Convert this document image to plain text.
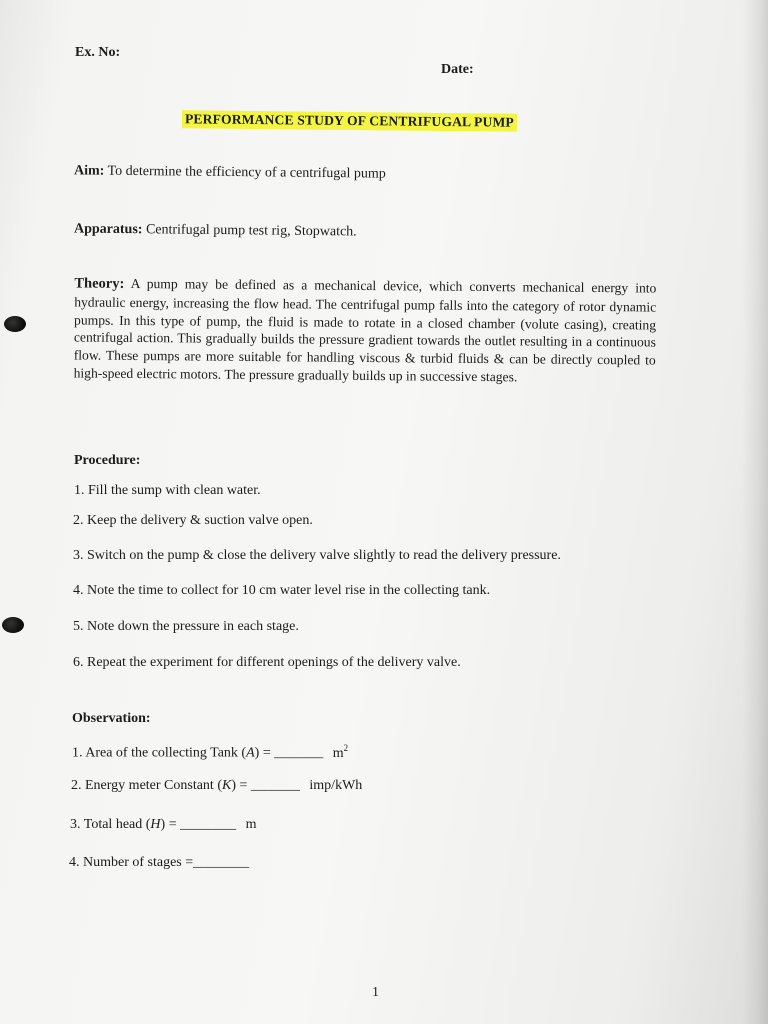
Ex. No:
Date:
PERFORMANCE STUDY OF CENTRIFUGAL PUMP
Aim: To determine the efficiency of a centrifugal pump
Apparatus: Centrifugal pump test rig, Stopwatch.
Theory: A pump may be defined as a mechanical device, which converts mechanical energy into hydraulic energy, increasing the flow head. The centrifugal pump falls into the category of rotor dynamic pumps. In this type of pump, the fluid is made to rotate in a closed chamber (volute casing), creating centrifugal action. This gradually builds the pressure gradient towards the outlet resulting in a continuous flow. These pumps are more suitable for handling viscous & turbid fluids & can be directly coupled to high-speed electric motors. The pressure gradually builds up in successive stages.
Procedure:
1. Fill the sump with clean water.
2. Keep the delivery & suction valve open.
3. Switch on the pump & close the delivery valve slightly to read the delivery pressure.
4. Note the time to collect for 10 cm water level rise in the collecting tank.
5. Note down the pressure in each stage.
6. Repeat the experiment for different openings of the delivery valve.
Observation:
1. Area of the collecting Tank (A) = _______ $m^2$
2. Energy meter Constant (K) = _______ imp/kWh
3. Total head (H) = ________ m
4. Number of stages =________
1
